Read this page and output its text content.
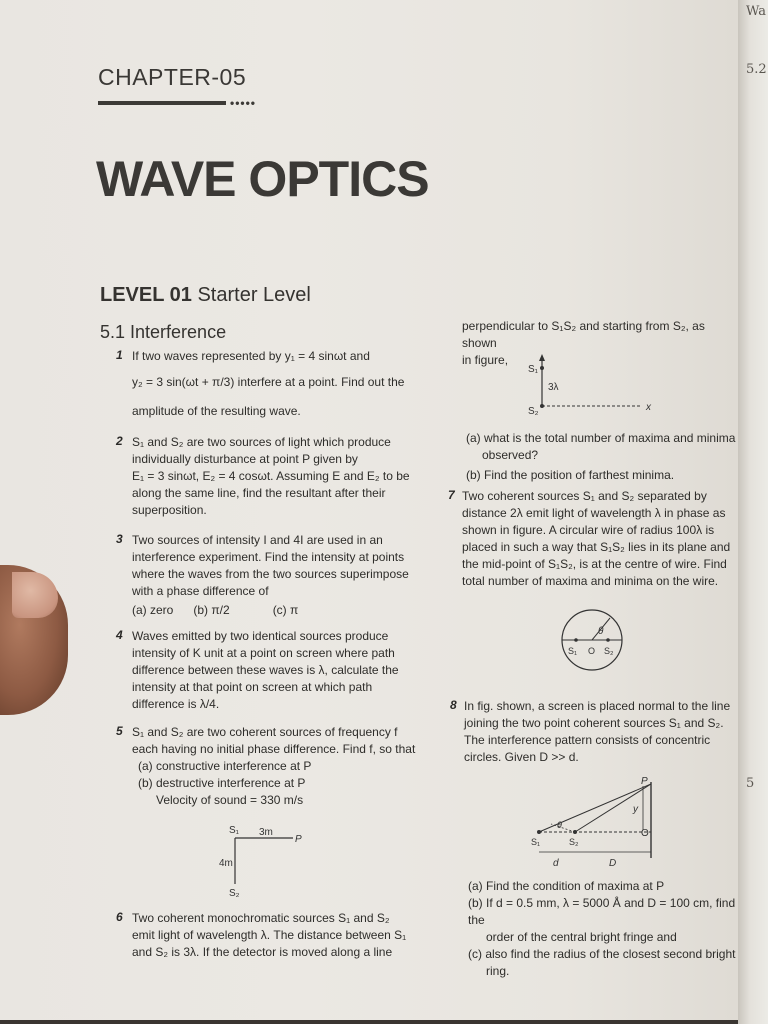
CHAPTER-05
•••••
WAVE OPTICS
LEVEL 01 Starter Level
5.1 Interference
1 If two waves represented by y₁ = 4 sinωt and
y₂ = 3 sin(ωt + π/3) interfere at a point. Find out the
amplitude of the resulting wave.
2 S₁ and S₂ are two sources of light which produce
individually disturbance at point P given by
E₁ = 3 sinωt, E₂ = 4 cosωt. Assuming E and E₂ to be
along the same line, find the resultant after their
superposition.
3 Two sources of intensity I and 4I are used in an
interference experiment. Find the intensity at points
where the waves from the two sources superimpose
with a phase difference of
(a) zero (b) π/2	(c) π
4 Waves emitted by two identical sources produce
intensity of K unit at a point on screen where path
difference between these waves is λ, calculate the
intensity at that point on screen at which path
difference is λ/4.
5 S₁ and S₂ are two coherent sources of frequency f
each having no initial phase difference. Find f, so that
(a) constructive interference at P
(b) destructive interference at P
Velocity of sound = 330 m/s
S₁ 3m
P
4m
S₂
6 Two coherent monochromatic sources S₁ and S₂
emit light of wavelength λ. The distance between S₁
and S₂ is 3λ. If the detector is moved along a line
perpendicular to S₁S₂ and starting from S₂, as shown
in figure,
S₁
3λ
S₂	x
(a) what is the total number of maxima and minima
observed?
(b) Find the position of farthest minima.
7 Two coherent sources S₁ and S₂ separated by
distance 2λ emit light of wavelength λ in phase as
shown in figure. A circular wire of radius 100λ is
placed in such a way that S₁S₂ lies in its plane and
the mid-point of S₁S₂, is at the centre of wire. Find
total number of maxima and minima on the wire.
θ
S₁ O S₂
8 In fig. shown, a screen is placed normal to the line
joining the two point coherent sources S₁ and S₂.
The interference pattern consists of concentric
circles. Given D >> d.
P
y
O
θ
S₁	S₂
d	D
(a) Find the condition of maxima at P
(b) If d = 0.5 mm, λ = 5000 Å and D = 100 cm, find the
order of the central bright fringe and
(c) also find the radius of the closest second bright
ring.
Wa
5.2
5
